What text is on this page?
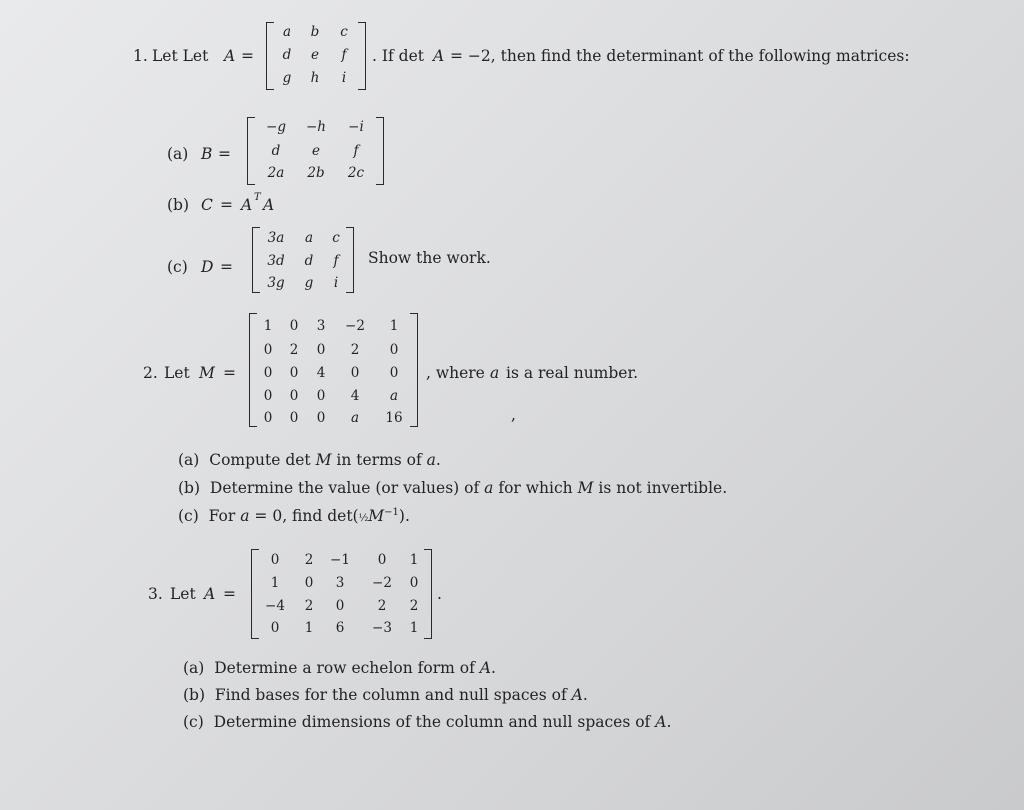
1. Let Let A =
a b c
d e f
g h i
. If det A = −2, then find the determinant of the following matrices:
(a) B =
−g −h −i
d e f
2a 2b 2c
(b) C = A T A
(c) D =
3a a c
3d d f
3g g i
Show the work.
2. Let M =
1 0 3 −2 1
0 2 0 2 0
0 0 4 0 0
0 0 0 4 a
0 0 0 a 16
, where a is a real number.
,
(a) Compute det M in terms of a.
(b) Determine the value (or values) of a for which M is not invertible.
(c) For a = 0, find $\det(\frac{1}{2}M^{-1})$.
3. Let A =
0 2 −1 0 1
1 0 3 −2 0
−4 2 0 2 2
0 1 6 −3 1
.
(a) Determine a row echelon form of A.
(b) Find bases for the column and null spaces of A.
(c) Determine dimensions of the column and null spaces of A.
